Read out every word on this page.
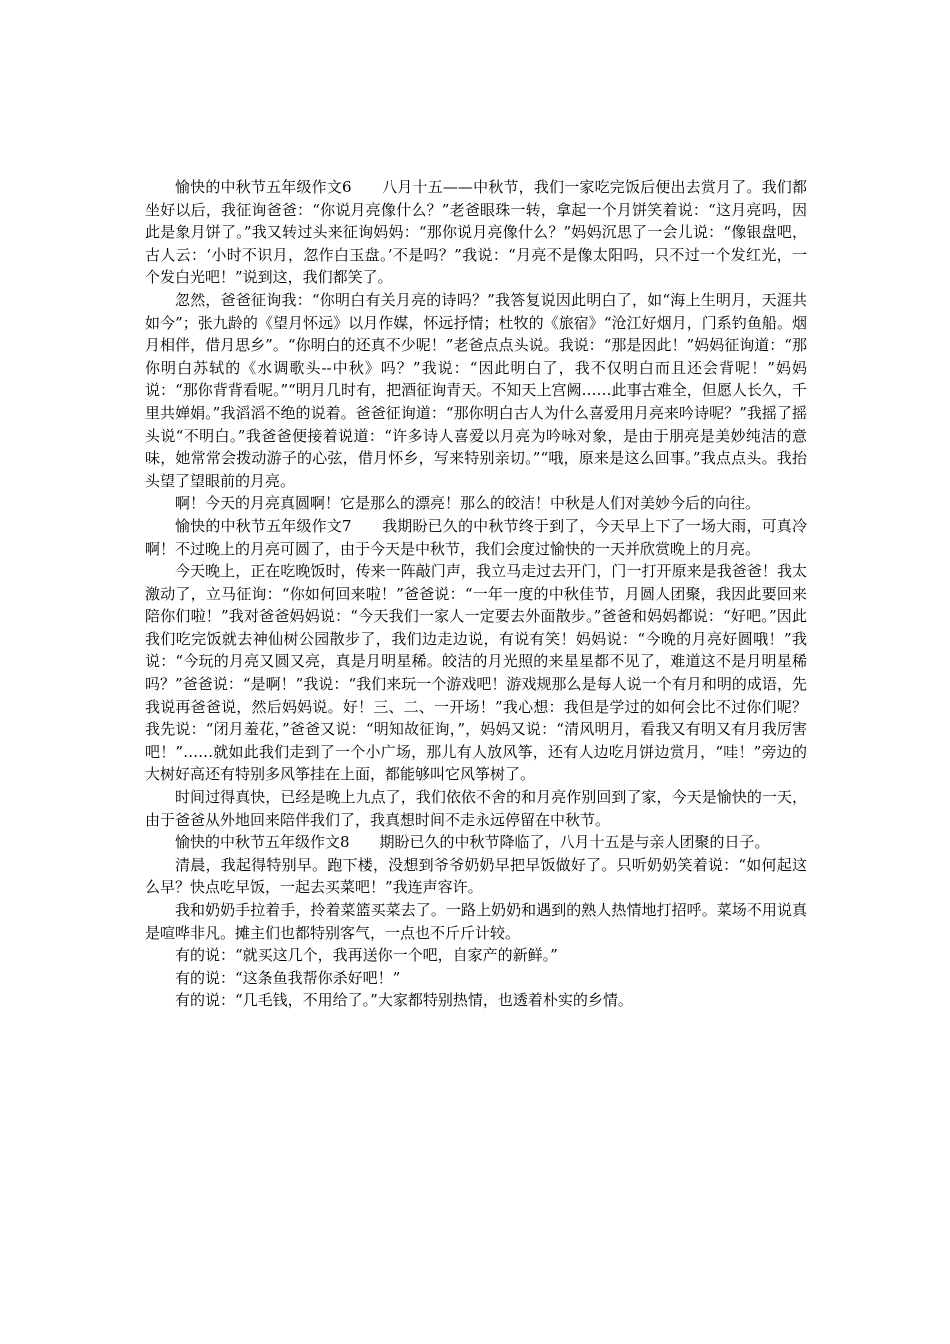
愉快的中秋节五年级作文6　　八月十五——中秋节，我们一家吃完饭后便出去赏月了。我们都坐好以后，我征询爸爸：“你说月亮像什么？”老爸眼珠一转，拿起一个月饼笑着说：“这月亮吗，因此是象月饼了。”我又转过头来征询妈妈：“那你说月亮像什么？”妈妈沉思了一会儿说：“像银盘吧，古人云：‘小时不识月，忽作白玉盘。’不是吗？”我说：“月亮不是像太阳吗，只不过一个发红光，一个发白光吧！”说到这，我们都笑了。

忽然，爸爸征询我：“你明白有关月亮的诗吗？”我答复说因此明白了，如“海上生明月，天涯共如今”；张九龄的《望月怀远》以月作媒，怀远抒情；杜牧的《旅宿》“沧江好烟月，门系钓鱼船。烟月相伴，借月思乡”。“你明白的还真不少呢！”老爸点点头说。我说：“那是因此！”妈妈征询道：“那你明白苏轼的《水调歌头--中秋》吗？”我说：“因此明白了，我不仅明白而且还会背呢！”妈妈说：“那你背背看呢。”“明月几时有，把酒征询青天。不知天上宫阙……此事古难全，但愿人长久，千里共婵娟。”我滔滔不绝的说着。爸爸征询道：“那你明白古人为什么喜爱用月亮来吟诗呢？”我摇了摇头说“不明白。”我爸爸便接着说道：“许多诗人喜爱以月亮为吟咏对象，是由于朋亮是美妙纯洁的意味，她常常会拨动游子的心弦，借月怀乡，写来特别亲切。”“哦，原来是这么回事。”我点点头。我抬头望了望眼前的月亮。

啊！今天的月亮真圆啊！它是那么的漂亮！那么的皎洁！中秋是人们对美妙今后的向往。

愉快的中秋节五年级作文7　　我期盼已久的中秋节终于到了，今天早上下了一场大雨，可真冷啊！不过晚上的月亮可圆了，由于今天是中秋节，我们会度过愉快的一天并欣赏晚上的月亮。

今天晚上，正在吃晚饭时，传来一阵敲门声，我立马走过去开门，门一打开原来是我爸爸！我太激动了，立马征询：“你如何回来啦！”爸爸说：“一年一度的中秋佳节，月圆人团聚，我因此要回来陪你们啦！”我对爸爸妈妈说：“今天我们一家人一定要去外面散步。”爸爸和妈妈都说：“好吧。”因此我们吃完饭就去神仙树公园散步了，我们边走边说，有说有笑！妈妈说：“今晚的月亮好圆哦！”我说：“今玩的月亮又圆又亮，真是月明星稀。皎洁的月光照的来星星都不见了，难道这不是月明星稀吗？”爸爸说：“是啊！”我说：“我们来玩一个游戏吧！游戏规那么是每人说一个有月和明的成语，先我说再爸爸说，然后妈妈说。好！三、二、一开场！”我心想：我但是学过的如何会比不过你们呢？我先说：“闭月羞花，”爸爸又说：“明知故征询，”，妈妈又说：“清风明月，看我又有明又有月我厉害吧！”……就如此我们走到了一个小广场，那儿有人放风筝，还有人边吃月饼边赏月，“哇！”旁边的大树好高还有特别多风筝挂在上面，都能够叫它风筝树了。

时间过得真快，已经是晚上九点了，我们依依不舍的和月亮作别回到了家，今天是愉快的一天，由于爸爸从外地回来陪伴我们了，我真想时间不走永远停留在中秋节。

愉快的中秋节五年级作文8　　期盼已久的中秋节降临了，八月十五是与亲人团聚的日子。

清晨，我起得特别早。跑下楼，没想到爷爷奶奶早把早饭做好了。只听奶奶笑着说：“如何起这么早？快点吃早饭，一起去买菜吧！”我连声容许。

我和奶奶手拉着手，拎着菜篮买菜去了。一路上奶奶和遇到的熟人热情地打招呼。菜场不用说真是喧哗非凡。摊主们也都特别客气，一点也不斤斤计较。

有的说：“就买这几个，我再送你一个吧，自家产的新鲜。”

有的说：“这条鱼我帮你杀好吧！”

有的说：“几毛钱，不用给了。”大家都特别热情，也透着朴实的乡情。
